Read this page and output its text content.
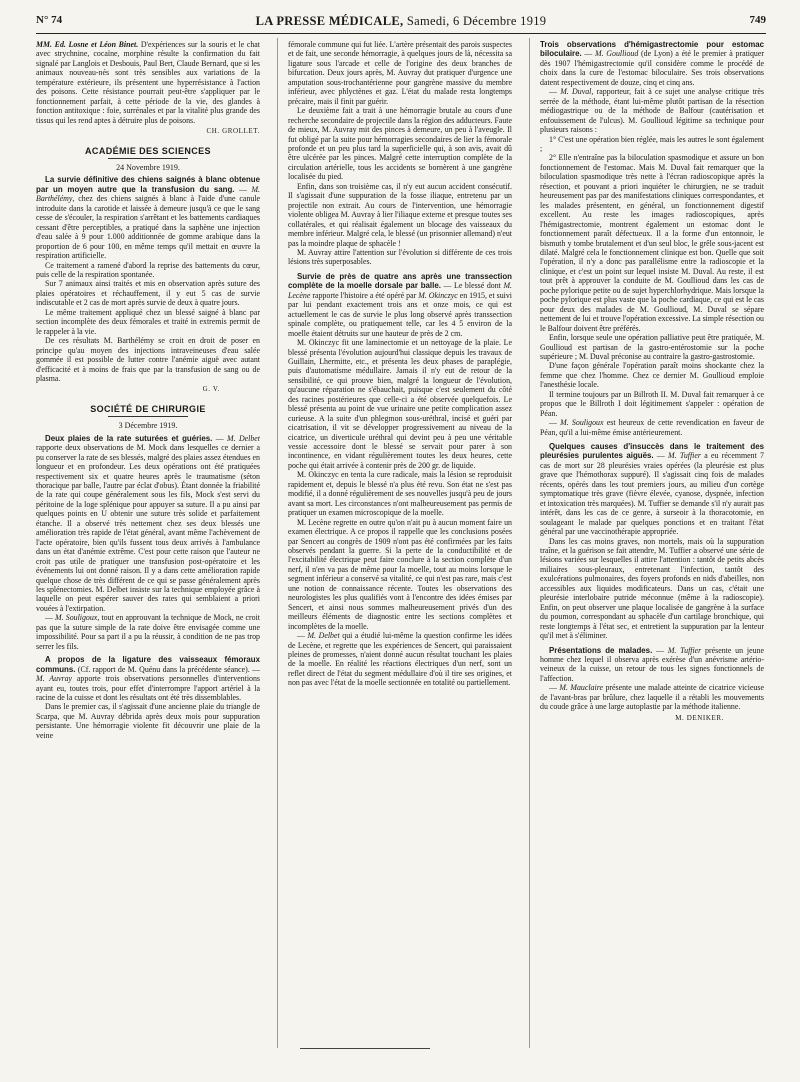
N° 74	LA PRESSE MÉDICALE, Samedi, 6 Décembre 1919	749

MM. Ed. Losne et Léon Binet. D'expériences sur la souris et le chat avec strychnine, cocaïne, morphine résulte la confirmation du fait signalé par Langlois et Desbouis, Paul Bert, Claude Bernard, que si les animaux nouveau-nés sont très sensibles aux variations de la température extérieure, ils présentent une hyperrésistance à l'action des poisons. Cette résistance pourrait peut-être s'appliquer par le fonctionnement parfait, à cette période de la vie, des glandes à fonction antitoxique : foie, surrénales et par la vitalité plus grande des tissus qui les rend aptes à détruire plus de poisons.

CH. GROLLET.
ACADÉMIE DES SCIENCES
24 Novembre 1919.

La survie définitive des chiens saignés à blanc obtenue par un moyen autre que la transfusion du sang. — M. Barthélémy, chez des chiens saignés à blanc à l'aide d'une canule introduite dans la carotide et laissée à demeure jusqu'à ce que le sang cesse de s'écouler, la respiration s'arrêtant et les battements cardiaques cessant d'être perceptibles, a pratiqué dans la saphène une injection d'eau salée à 9 pour 1.000 additionnée de gomme arabique dans la proportion de 6 pour 100, en même temps qu'il mettait en œuvre la respiration artificielle.

Ce traitement a ramené d'abord la reprise des battements du cœur, puis celle de la respiration spontanée.

Sur 7 animaux ainsi traités et mis en observation après suture des plaies opératoires et réchauffement, il y eut 5 cas de survie indiscutable et 2 cas de mort après survie de deux à quatre jours.

Le même traitement appliqué chez un blessé saigné à blanc par section incomplète des deux fémorales et traité in extremis permit de le rappeler à la vie.

De ces résultats M. Barthélémy se croit en droit de poser en principe qu'au moyen des injections intraveineuses d'eau salée gommée il est possible de lutter contre l'anémie aiguë avec autant d'efficacité et à moins de frais que par la transfusion de sang ou de plasma.

G. V.
SOCIÉTÉ DE CHIRURGIE
3 Décembre 1919.

Deux plaies de la rate suturées et guéries. — M. Delbet rapporte deux observations de M. Mock dans lesquelles ce dernier a pu conserver la rate de ses blessés, malgré des plaies assez étendues en longueur et en profondeur. Les deux opérations ont été pratiquées respectivement six et quatre heures après le traumatisme (séton thoracique par balle, l'autre par éclat d'obus). Étant donnée la friabilité de la rate qui coupe généralement sous les fils, Mock s'est servi du péritoine de la loge splénique pour appuyer sa suture. Il a pu ainsi par quelques points en U obtenir une suture très solide et parfaitement étanche. Il a observé très nettement chez ses deux blessés une amélioration très rapide de l'état général, avant même l'achèvement de l'acte opératoire, bien qu'ils fussent tous deux arrivés à l'ambulance dans un état d'anémie extrême. C'est pour cette raison que l'auteur ne croit pas utile de pratiquer une transfusion post-opératoire et les événements lui ont donné raison. Il y a dans cette amélioration rapide quelque chose de très différent de ce qui se passe généralement après les splénectomies. M. Delbet insiste sur la technique employée grâce à laquelle on peut espérer sauver des rates qui semblaient a priori vouées à l'extirpation.

— M. Souligoux, tout en approuvant la technique de Mock, ne croit pas que la suture simple de la rate doive être envisagée comme une impossibilité. Pour sa part il a pu la réussir, à condition de ne pas trop serrer les fils.

A propos de la ligature des vaisseaux fémoraux communs. (Cf. rapport de M. Quénu dans la précédente séance). — M. Auvray apporte trois observations personnelles d'interventions ayant eu, toutes trois, pour effet d'interrompre l'apport artériel à la racine de la cuisse et dont les résultats ont été très dissemblables.

Dans le premier cas, il s'agissait d'une ancienne plaie du triangle de Scarpa, que M. Auvray débrida après deux mois pour suppuration persistante. Une hémorragie violente fit découvrir une plaie de la veine

fémorale commune qui fut liée. L'artère présentait des parois suspectes et de fait, une seconde hémorragie, à quelques jours de là, nécessita sa ligature sous l'arcade et celle de l'origine des deux branches de bifurcation. Deux jours après, M. Auvray dut pratiquer d'urgence une amputation sous-trochantérienne pour gangrène massive du membre inférieur, avec phlyctènes et gaz. L'état du malade resta longtemps précaire, mais il finit par guérir.

Le deuxième fait a trait à une hémorragie brutale au cours d'une recherche secondaire de projectile dans la région des adducteurs. Faute de mieux, M. Auvray mit des pinces à demeure, un peu à l'aveugle. Il fut obligé par la suite pour hémorragies secondaires de lier la fémorale profonde et un peu plus tard la superficielle qui, à son avis, avait dû être ulcérée par les pinces. Malgré cette interruption complète de la circulation artérielle, tous les accidents se bornèrent à une gangrène localisée du pied.

Enfin, dans son troisième cas, il n'y eut aucun accident consécutif. Il s'agissait d'une suppuration de la fosse iliaque, entretenu par un projectile non extrait. Au cours de l'intervention, une hémorragie violente obligea M. Auvray à lier l'iliaque externe et presque toutes ses collatérales, et qui réalisait également un blocage des vaisseaux du membre inférieur. Malgré cela, le blessé (un prisonnier allemand) n'eut pas la moindre plaque de sphacèle !

M. Auvray attire l'attention sur l'évolution si différente de ces trois lésions très superposables.

Survie de près de quatre ans après une transsection complète de la moelle dorsale par balle. — Le blessé dont M. Lecène rapporte l'histoire a été opéré par M. Okinczyc en 1915, et suivi par lui pendant exactement trois ans et onze mois, ce qui est actuellement le cas de survie le plus long observé après transsection spinale complète, ou pratiquement telle, car les 4 5 environ de la moelle étaient détruits sur une hauteur de près de 2 cm.

M. Okinczyc fit une laminectomie et un nettoyage de la plaie. Le blessé présenta l'évolution aujourd'hui classique depuis les travaux de Guillain, Lhermitte, etc., et présenta les deux phases de paraplégie, puis d'automatisme médullaire. Jamais il n'y eut de retour de la sensibilité, ce qui prouve bien, malgré la longueur de l'évolution, qu'aucune réparation ne s'ébauchait, puisque c'est seulement du côté des racines postérieures que celle-ci a été observée quelquefois. Le blessé présenta au point de vue urinaire une petite complication assez curieuse. A la suite d'un phlegmon sous-uréthral, incisé et guéri par cicatrisation, il vit se développer progressivement au niveau de la cicatrice, un diverticule uréthral qui devint peu à peu une véritable vessie accessoire dont le blessé se servait pour parer à son incontinence, en vidant régulièrement toutes les deux heures, cette poche qui était arrivée à contenir près de 200 gr. de liquide.

M. Okinczyc en tenta la cure radicale, mais la lésion se reproduisit rapidement et, depuis le blessé n'a plus été revu. Son état ne s'est pas modifié, il a donné régulièrement de ses nouvelles jusqu'à peu de jours avant sa mort. Les circonstances n'ont malheureusement pas permis de pratiquer un examen microscopique de la moelle.

M. Lecène regrette en outre qu'on n'ait pu à aucun moment faire un examen électrique. A ce propos il rappelle que les conclusions posées par Sencert au congrès de 1909 n'ont pas été confirmées par les faits observés pendant la guerre. Si la perte de la conductibilité et de l'excitabilité électrique peut faire conclure à la section complète d'un nerf, il n'en va pas de même pour la moelle, tout au moins lorsque le segment inférieur a conservé sa vitalité, ce qui n'est pas rare, mais c'est une notion de connaissance récente. Toutes les observations des neurologistes les plus qualifiés vont à l'encontre des idées émises par Sencert, et ainsi nous sommes malheureusement privés d'un des meilleurs éléments de diagnostic entre les sections complètes et incomplètes de la moelle.

— M. Delbet qui a étudié lui-même la question confirme les idées de Lecène, et regrette que les expériences de Sencert, qui paraissaient pleines de promesses, n'aient donné aucun résultat touchant les plaies de la moelle. En réalité les réactions électriques d'un nerf, sont un reflet direct de l'état du segment médullaire d'où il tire ses origines, et non pas avec l'état de la moelle sectionnée en totalité ou partiellement.

Trois observations d'hémigastrectomie pour estomac biloculaire. — M. Goullioud (de Lyon) a été le premier à pratiquer dès 1907 l'hémigastrectomie qu'il considère comme le procédé de choix dans la cure de l'estomac biloculaire. Ses trois observations datent respectivement de douze, cinq et cinq ans.

— M. Duval, rapporteur, fait à ce sujet une analyse critique très serrée de la méthode, étant lui-même plutôt partisan de la résection médiogastrique ou de la méthode de Balfour (cautérisation et enfouissement de l'ulcus). M. Goullioud légitime sa technique pour plusieurs raisons :

1° C'est une opération bien réglée, mais les autres le sont également ;

2° Elle n'entraîne pas la biloculation spasmodique et assure un bon fonctionnement de l'estomac. Mais M. Duval fait remarquer que la biloculation spasmodique très nette à l'écran radioscopique après la résection, et pouvant a priori inquiéter le chirurgien, ne se traduit heureusement pas par des manifestations cliniques correspondantes, et les malades présentent, en général, un fonctionnement digestif excellent. Au reste les images radioscopiques, après l'hémigastrectomie, montrent également un estomac dont le fonctionnement paraît défectueux. Il a la forme d'un entonnoir, le bismuth y tombe brutalement et d'un seul bloc, le grêle sous-jacent est dilaté. Malgré cela le fonctionnement clinique est bon. Quelle que soit l'opération, il n'y a donc pas parallélisme entre la radioscopie et la clinique, et c'est un point sur lequel insiste M. Duval. Au reste, il est tout prêt à approuver la conduite de M. Goullioud dans les cas de poche pylorique petite ou de sujet hyperchlorhydrique. Mais lorsque la poche pylorique est plus vaste que la poche cardiaque, ce qui est le cas pour deux des malades de M. Goullioud, M. Duval se sépare nettement de lui et trouve l'opération excessive. La simple résection ou le Balfour doivent être préférés.

Enfin, lorsque seule une opération palliative peut être pratiquée, M. Goullioud est partisan de la gastro-entérostomie sur la poche supérieure ; M. Duval préconise au contraire la gastro-gastrostomie.

D'une façon générale l'opération paraît moins shockante chez la femme que chez l'homme. Chez ce dernier M. Goullioud emploie l'anesthésie locale.

Il termine toujours par un Billroth II. M. Duval fait remarquer à ce propos que le Billroth I doit légitimement s'appeler : opération de Péan.

— M. Souligoux est heureux de cette revendication en faveur de Péan, qu'il a lui-même émise antérieurement.

Quelques causes d'insuccès dans le traitement des pleurésies purulentes aiguës. — M. Tuffier a eu récemment 7 cas de mort sur 28 pleurésies vraies opérées (la pleurésie est plus grave que l'hémothorax suppuré). Il s'agissait cinq fois de malades récents, opérés dans les tout premiers jours, au milieu d'un cortège symptomatique très grave (fièvre élevée, cyanose, dyspnée, infection et intoxication très marquées). M. Tuffier se demande s'il n'y aurait pas intérêt, dans les cas de ce genre, à surseoir à la thoracotomie, en soulageant le malade par quelques ponctions et en traitant l'état général par une vaccinothérapie appropriée.

Dans les cas moins graves, non mortels, mais où la suppuration traîne, et la guérison se fait attendre, M. Tuffier a observé une série de lésions variées sur lesquelles il attire l'attention : tantôt de petits abcès miliaires sous-pleuraux, entretenant l'infection, tantôt des exulcérations pulmonaires, des foyers profonds en nids d'abeilles, non accessibles aux liquides modificateurs. Dans un cas, c'était une pleurésie interlobaire putride méconnue (même à la radioscopie). Enfin, on peut observer une plaque localisée de gangrène à la surface du poumon, correspondant au sphacèle d'un cartilage bronchique, qui reste longtemps à l'état sec, et entretient la suppuration par la lenteur qu'il met à s'éliminer.

Présentations de malades. — M. Tuffier présente un jeune homme chez lequel il observa après exérèse d'un anévrisme artério-veineux de la cuisse, un retour de tous les signes fonctionnels de l'affection.

— M. Mauclaire présente une malade atteinte de cicatrice vicieuse de l'avant-bras par brûlure, chez laquelle il a rétabli les mouvements du coude grâce à une large autoplastie par la méthode italienne.

M. DENIKER.
